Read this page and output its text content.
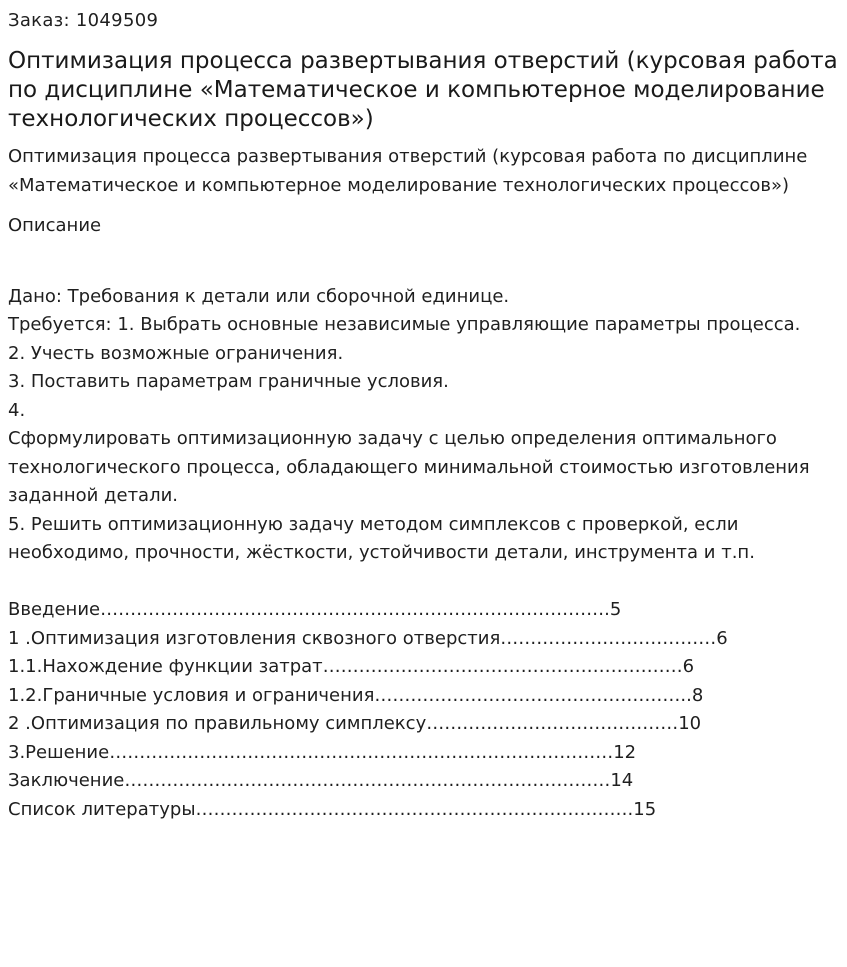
Заказ: 1049509
Оптимизация процесса развертывания отверстий (курсовая работа по дисциплине «Математическое и компьютерное моделирование технологических процессов»)
Оптимизация процесса развертывания отверстий (курсовая работа по дисциплине «Математическое и компьютерное моделирование технологических процессов»)
Описание

Дано: Требования к детали или сборочной единице.

Требуется: 1. Выбрать основные независимые управляющие параметры процесса.

2. Учесть возможные ограничения.

3. Поставить параметрам граничные условия.

4.

Сформулировать оптимизационную задачу с целью определения оптимального технологического процесса, обладающего минимальной стоимостью изготовления заданной детали.

5. Решить оптимизационную задачу методом симплексов с проверкой, если необходимо, прочности, жёсткости, устойчивости детали, инструмента и т.п.

Введение………………………………………………………………………….5

1 .Оптимизация изготовления сквозного отверстия………………………………6

1.1.Нахождение функции затрат……………………………………………………6

1.2.Граничные условия и ограничения……………………………………………..8

2 .Оптимизация по правильному симплексу……………………………………10

3.Решение…………………………………………………………………………12

Заключение………………………………………………………………………14

Список литературы……………………………………………………………….15
